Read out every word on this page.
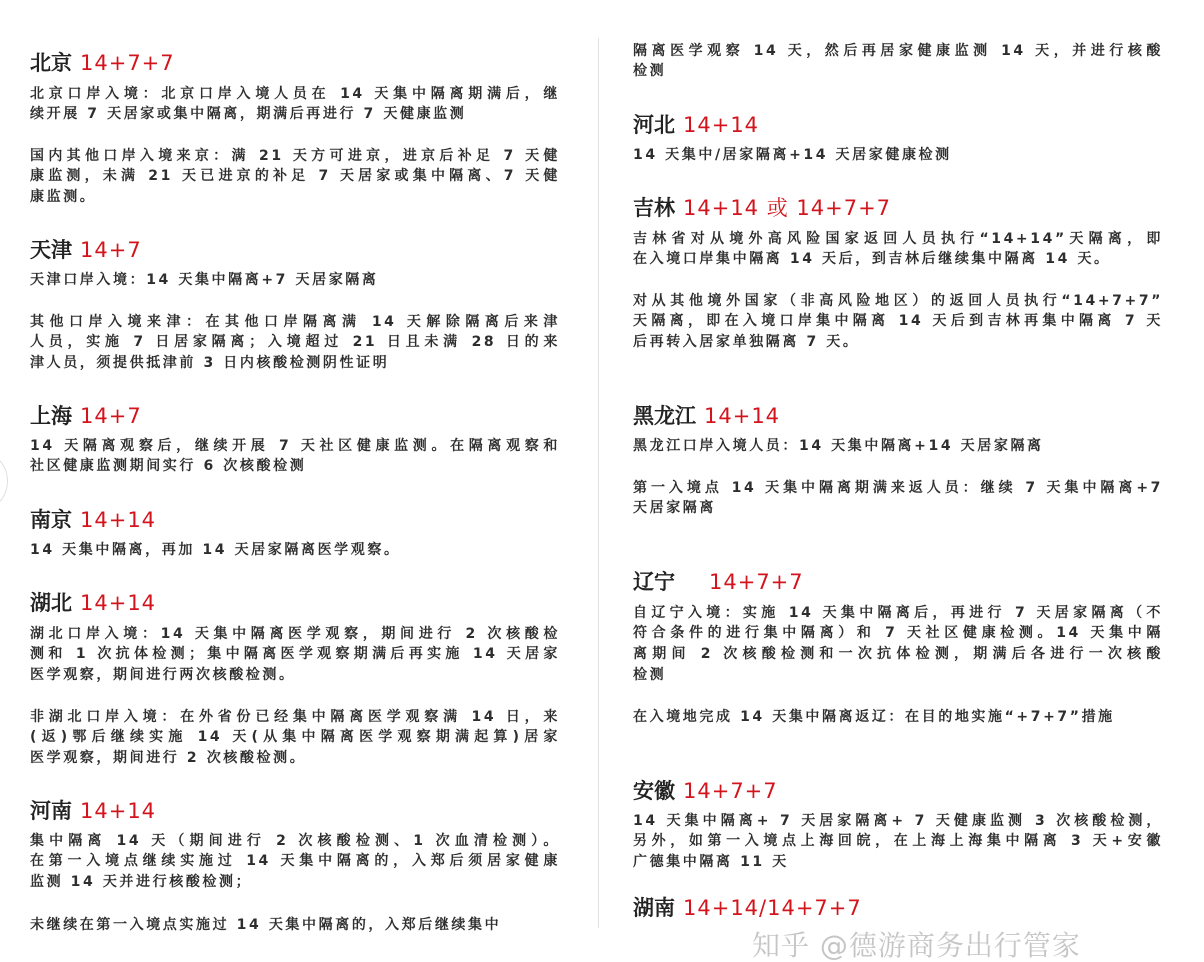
北京 14+7+7
北京口岸入境：北京口岸入境人员在 14 天集中隔离期满后，继
续开展 7 天居家或集中隔离，期满后再进行 7 天健康监测
国内其他口岸入境来京：满 21 天方可进京，进京后补足 7 天健
康监测，未满 21 天已进京的补足 7 天居家或集中隔离、7 天健
康监测。
天津 14+7
天津口岸入境：14 天集中隔离+7 天居家隔离
其他口岸入境来津：在其他口岸隔离满 14 天解除隔离后来津
人员，实施 7 日居家隔离；入境超过 21 日且未满 28 日的来
津人员，须提供抵津前 3 日内核酸检测阴性证明
上海 14+7
14 天隔离观察后，继续开展 7 天社区健康监测。在隔离观察和
社区健康监测期间实行 6 次核酸检测
南京 14+14
14 天集中隔离，再加 14 天居家隔离医学观察。
湖北 14+14
湖北口岸入境：14 天集中隔离医学观察，期间进行 2 次核酸检
测和 1 次抗体检测；集中隔离医学观察期满后再实施 14 天居家
医学观察，期间进行两次核酸检测。
非湖北口岸入境：在外省份已经集中隔离医学观察满 14 日，来
(返)鄂后继续实施 14 天(从集中隔离医学观察期满起算)居家
医学观察，期间进行 2 次核酸检测。
河南 14+14
集中隔离 14 天（期间进行 2 次核酸检测、1 次血清检测）。
在第一入境点继续实施过 14 天集中隔离的，入郑后须居家健康
监测 14 天并进行核酸检测；
未继续在第一入境点实施过 14 天集中隔离的，入郑后继续集中
隔离医学观察 14 天，然后再居家健康监测 14 天，并进行核酸
检测
河北 14+14
14 天集中/居家隔离+14 天居家健康检测
吉林 14+14 或 14+7+7
吉林省对从境外高风险国家返回人员执行“14+14”天隔离，即
在入境口岸集中隔离 14 天后，到吉林后继续集中隔离 14 天。
对从其他境外国家（非高风险地区）的返回人员执行“14+7+7”
天隔离，即在入境口岸集中隔离 14 天后到吉林再集中隔离 7 天
后再转入居家单独隔离 7 天。
黑龙江 14+14
黑龙江口岸入境人员：14 天集中隔离+14 天居家隔离
第一入境点 14 天集中隔离期满来返人员：继续 7 天集中隔离+7
天居家隔离
辽宁 14+7+7
自辽宁入境：实施 14 天集中隔离后，再进行 7 天居家隔离（不
符合条件的进行集中隔离）和 7 天社区健康检测。14 天集中隔
离期间 2 次核酸检测和一次抗体检测，期满后各进行一次核酸
检测
在入境地完成 14 天集中隔离返辽：在目的地实施“+7+7”措施
安徽 14+7+7
14 天集中隔离+ 7 天居家隔离+ 7 天健康监测 3 次核酸检测，
另外，如第一入境点上海回皖，在上海上海集中隔离 3 天+安徽
广德集中隔离 11 天
湖南 14+14/14+7+7
知乎 @德游商务出行管家
